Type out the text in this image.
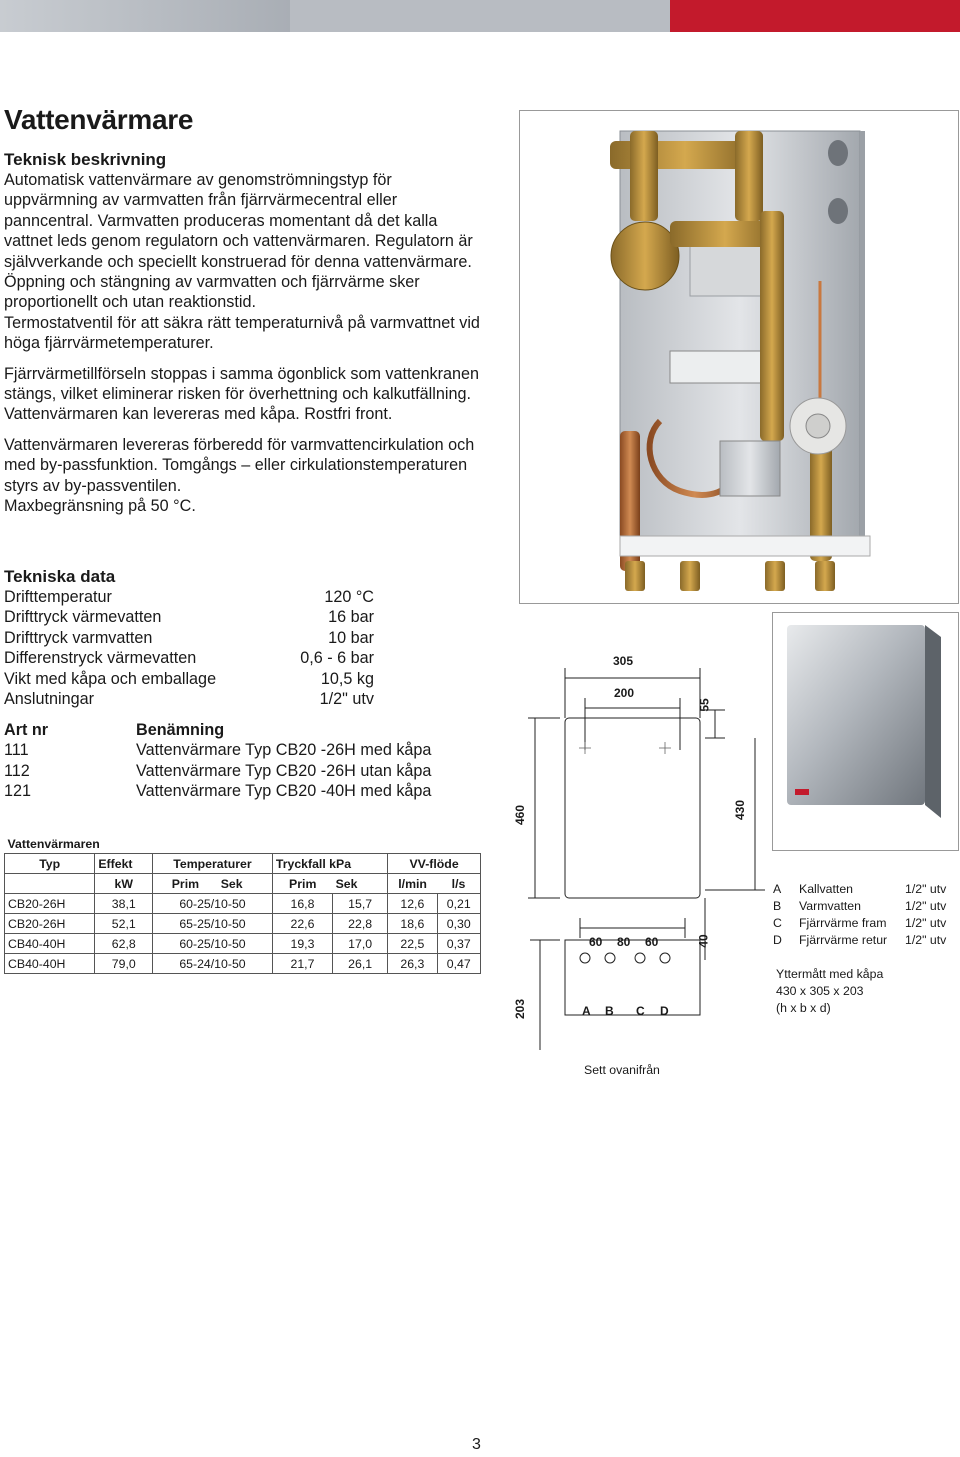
Vattenvärmare
Teknisk beskrivning

Automatisk vattenvärmare av genomströmningstyp för uppvärmning av varmvatten från fjärrvärmecentral eller panncentral. Varmvatten produceras momentant då det kalla vattnet leds genom regulatorn och vattenvärmaren. Regulatorn är självverkande och speciellt konstruerad för denna vattenvärmare. Öppning och stängning av varmvatten och fjärrvärme sker proportionellt och utan reaktionstid.

Termostatventil för att säkra rätt temperaturnivå på varmvattnet vid höga fjärrvärmetemperaturer.

Fjärrvärmetillförseln stoppas i samma ögonblick som vattenkranen stängs, vilket eliminerar risken för överhettning och kalkutfällning.

Vattenvärmaren kan levereras med kåpa. Rostfri front.

Vattenvärmaren levereras förberedd för varmvattencirkulation och med by-passfunktion. Tomgångs – eller cirkulationstemperaturen styrs av by-passventilen.

Maxbegränsning på 50 °C.

Tekniska data
Drifttemperatur	120 °C
Drifttryck värmevatten	16 bar
Drifttryck varmvatten	10 bar
Differenstryck värmevatten	0,6 - 6 bar
Vikt med kåpa och emballage	10,5 kg
Anslutningar	1/2" utv
Art nr	Benämning
111	Vattenvärmare Typ CB20 -26H med kåpa
112	Vattenvärmare Typ CB20 -26H utan kåpa
121	Vattenvärmare Typ CB20 -40H med kåpa
Vattenvärmaren							
Typ	Effekt	Temperaturer		Tryckfall kPa		VV-flöde	
	kW	Prim	Sek	Prim	Sek	l/min	l/s
CB20-26H	38,1	60-25/10-50		16,8	15,7	12,6	0,21
CB20-26H	52,1	65-25/10-50		22,6	22,8	18,6	0,30
CB40-40H	62,8	60-25/10-50		19,3	17,0	22,5	0,37
CB40-40H	79,0	65-24/10-50		21,7	26,1	26,3	0,47
305
200
55
460	430
60 80 60	40
203	A B C D
A	Kallvatten	1/2" utv
B	Varmvatten	1/2" utv
C	Fjärrvärme fram	1/2" utv
D	Fjärrvärme retur	1/2" utv

Yttermått med kåpa

430 x 305 x 203

(h x b x d)

Sett ovanifrån
3
